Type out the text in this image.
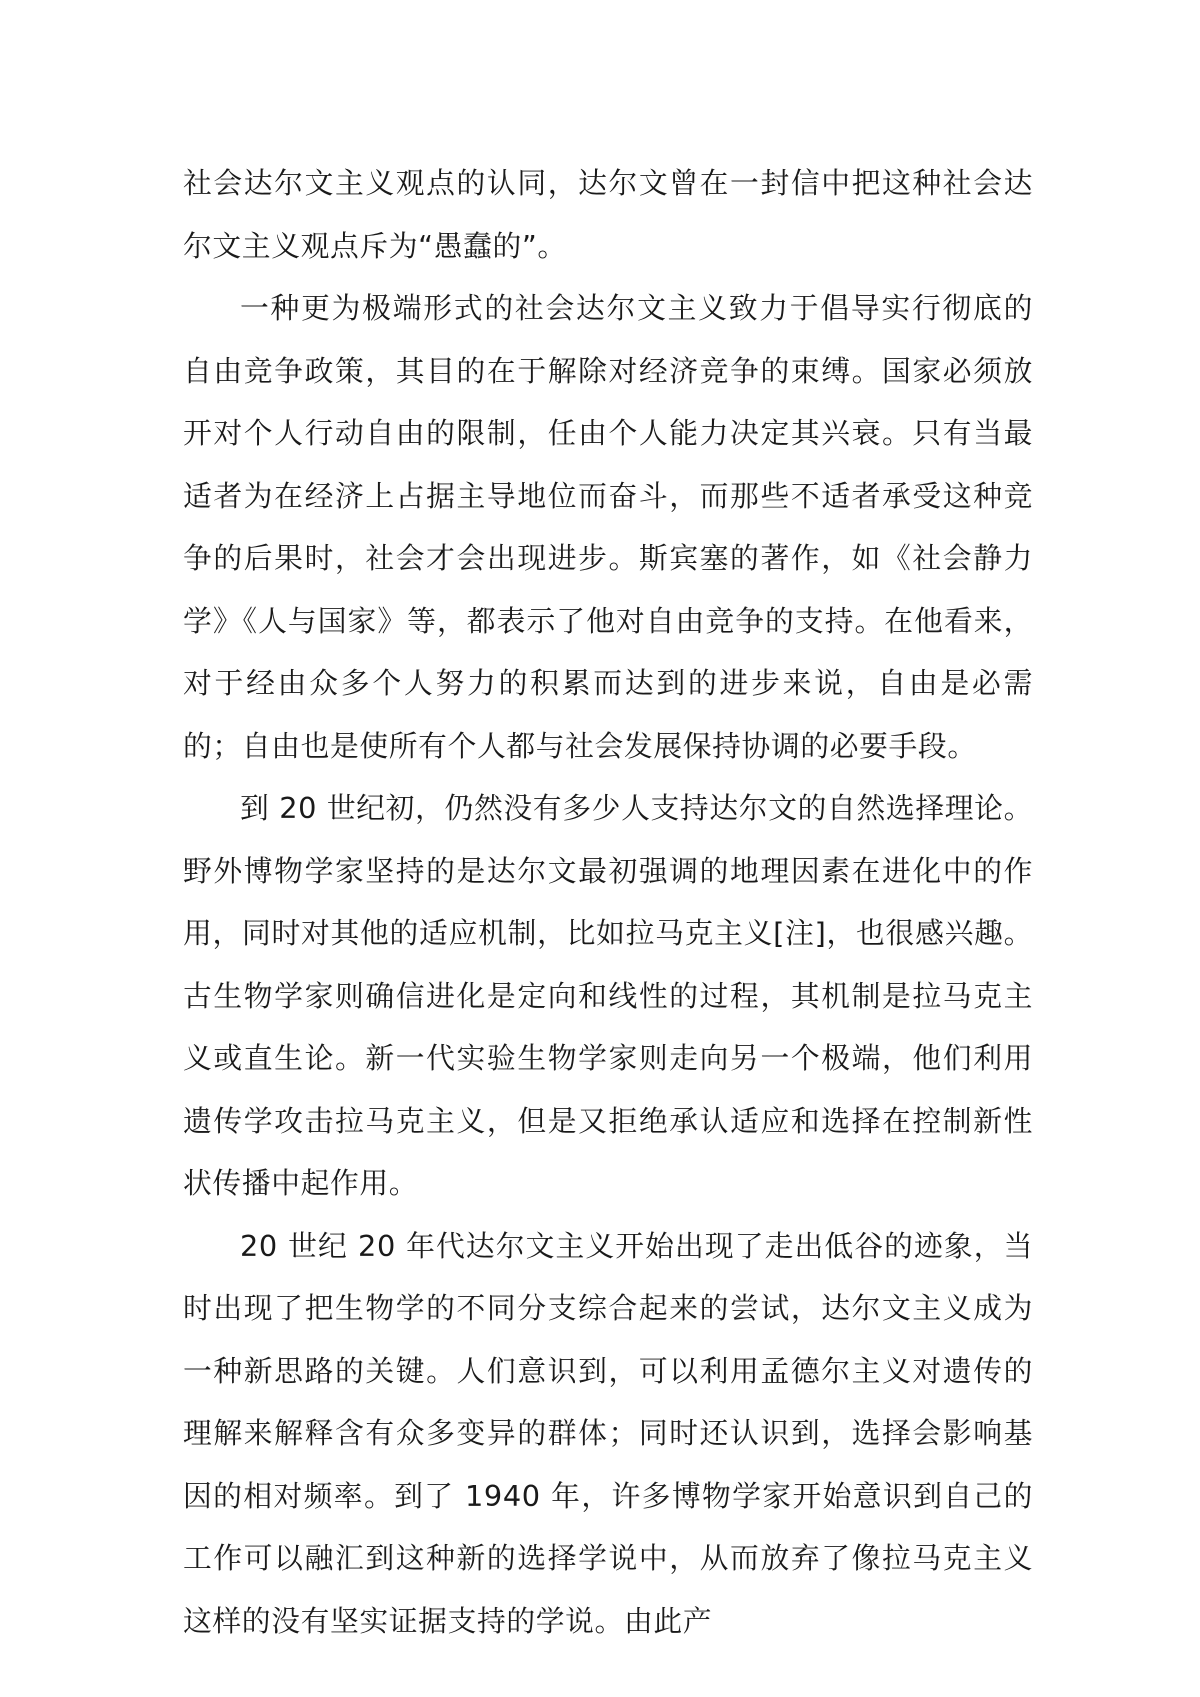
社会达尔文主义观点的认同，达尔文曾在一封信中把这种社会达尔文主义观点斥为“愚蠢的”。

一种更为极端形式的社会达尔文主义致力于倡导实行彻底的自由竞争政策，其目的在于解除对经济竞争的束缚。国家必须放开对个人行动自由的限制，任由个人能力决定其兴衰。只有当最适者为在经济上占据主导地位而奋斗，而那些不适者承受这种竞争的后果时，社会才会出现进步。斯宾塞的著作，如《社会静力学》《人与国家》等，都表示了他对自由竞争的支持。在他看来，对于经由众多个人努力的积累而达到的进步来说，自由是必需的；自由也是使所有个人都与社会发展保持协调的必要手段。

到 20 世纪初，仍然没有多少人支持达尔文的自然选择理论。野外博物学家坚持的是达尔文最初强调的地理因素在进化中的作用，同时对其他的适应机制，比如拉马克主义[注]，也很感兴趣。古生物学家则确信进化是定向和线性的过程，其机制是拉马克主义或直生论。新一代实验生物学家则走向另一个极端，他们利用遗传学攻击拉马克主义，但是又拒绝承认适应和选择在控制新性状传播中起作用。

20 世纪 20 年代达尔文主义开始出现了走出低谷的迹象，当时出现了把生物学的不同分支综合起来的尝试，达尔文主义成为一种新思路的关键。人们意识到，可以利用孟德尔主义对遗传的理解来解释含有众多变异的群体；同时还认识到，选择会影响基因的相对频率。到了 1940 年，许多博物学家开始意识到自己的工作可以融汇到这种新的选择学说中，从而放弃了像拉马克主义这样的没有坚实证据支持的学说。由此产
